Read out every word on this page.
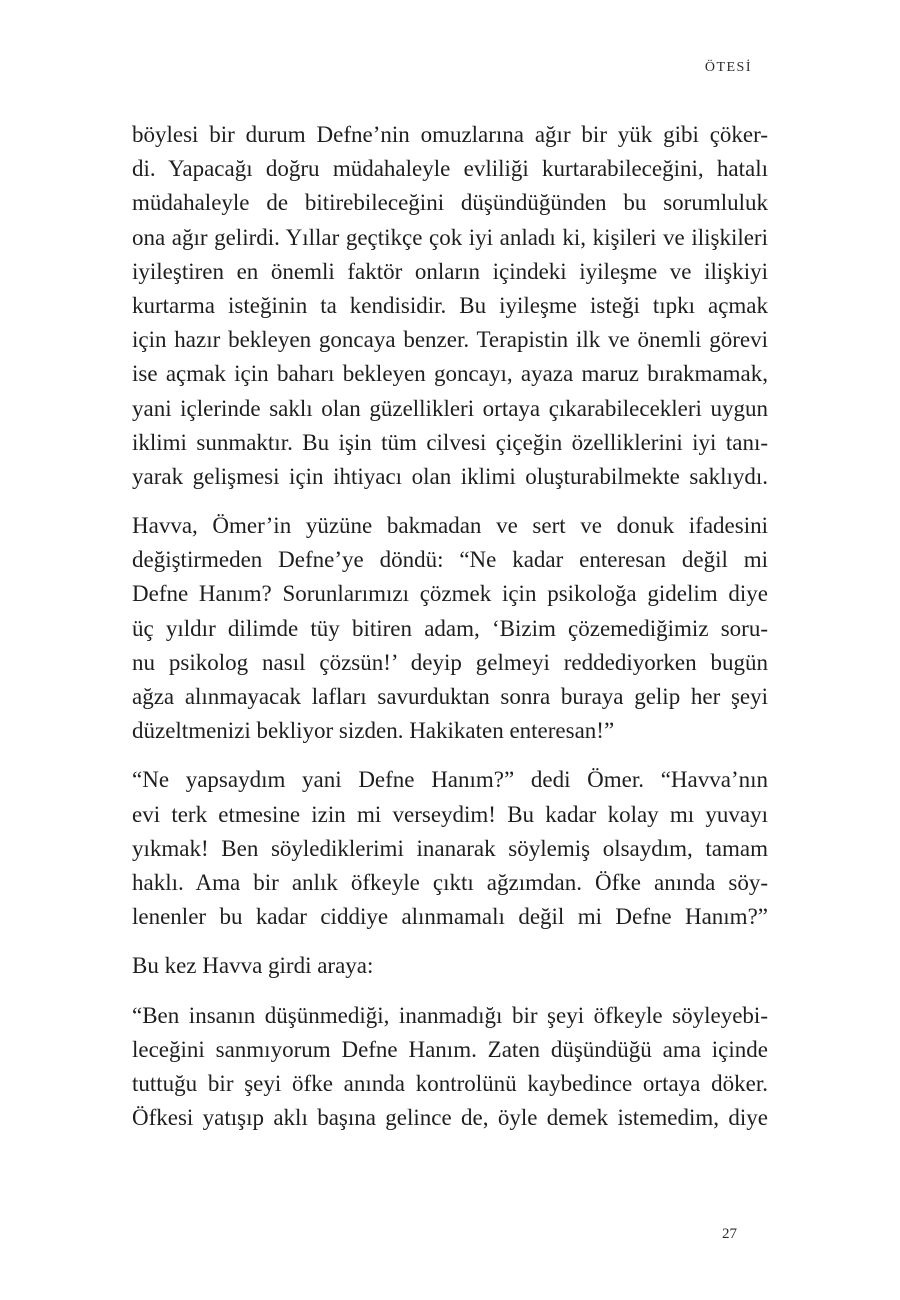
ÖTESİ

böylesi bir durum Defne’nin omuzlarına ağır bir yük gibi çöker-
di. Yapacağı doğru müdahaleyle evliliği kurtarabileceğini, hatalı
müdahaleyle de bitirebileceğini düşündüğünden bu sorumluluk
ona ağır gelirdi. Yıllar geçtikçe çok iyi anladı ki, kişileri ve ilişkileri
iyileştiren en önemli faktör onların içindeki iyileşme ve ilişkiyi
kurtarma isteğinin ta kendisidir. Bu iyileşme isteği tıpkı açmak
için hazır bekleyen goncaya benzer. Terapistin ilk ve önemli görevi
ise açmak için baharı bekleyen goncayı, ayaza maruz bırakmamak,
yani içlerinde saklı olan güzellikleri ortaya çıkarabilecekleri uygun
iklimi sunmaktır. Bu işin tüm cilvesi çiçeğin özelliklerini iyi tanı-
yarak gelişmesi için ihtiyacı olan iklimi oluşturabilmekte saklıydı.

Havva, Ömer’in yüzüne bakmadan ve sert ve donuk ifadesini
değiştirmeden Defne’ye döndü: “Ne kadar enteresan değil mi
Defne Hanım? Sorunlarımızı çözmek için psikoloğa gidelim diye
üç yıldır dilimde tüy bitiren adam, ‘Bizim çözemediğimiz soru-
nu psikolog nasıl çözsün!’ deyip gelmeyi reddediyorken bugün
ağza alınmayacak lafları savurduktan sonra buraya gelip her şeyi
düzeltmenizi bekliyor sizden. Hakikaten enteresan!”

“Ne yapsaydım yani Defne Hanım?” dedi Ömer. “Havva’nın
evi terk etmesine izin mi verseydim! Bu kadar kolay mı yuvayı
yıkmak! Ben söylediklerimi inanarak söylemiş olsaydım, tamam
haklı. Ama bir anlık öfkeyle çıktı ağzımdan. Öfke anında söy-
lenenler bu kadar ciddiye alınmamalı değil mi Defne Hanım?”

Bu kez Havva girdi araya:

“Ben insanın düşünmediği, inanmadığı bir şeyi öfkeyle söyleyebi-
leceğini sanmıyorum Defne Hanım. Zaten düşündüğü ama içinde
tuttuğu bir şeyi öfke anında kontrolünü kaybedince ortaya döker.
Öfkesi yatışıp aklı başına gelince de, öyle demek istemedim, diye

27
